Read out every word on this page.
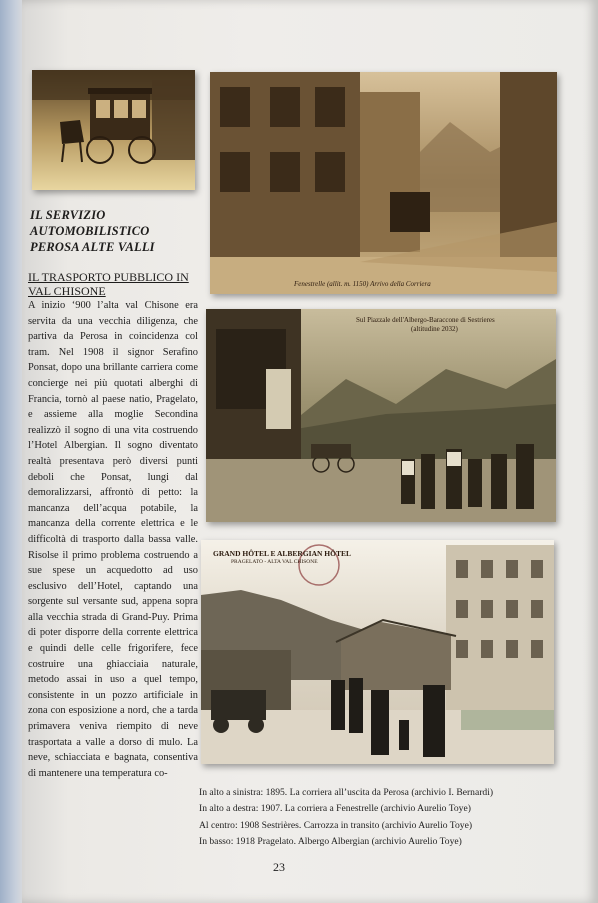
Fenestrelle (allit. m. 1150) Arrivo della Corriera
Sul Piazzale dell'Albergo-Baraccone di Sestrieres
(altitudine 2032)
GRAND HÔTEL E ALBERGIAN HÔTEL
PRAGELATO - ALTA VAL CHISONE
IL SERVIZIO AUTOMOBILISTICO PEROSA ALTE VALLI
IL TRASPORTO PUBBLICO IN VAL CHISONE
A inizio ‘900 l’alta val Chisone era servita da una vecchia diligenza, che partiva da Perosa in coincidenza col tram. Nel 1908 il signor Serafino Ponsat, dopo una brillante carriera come concierge nei più quotati alberghi di Francia, tornò al paese natio, Pragelato, e assieme alla moglie Secondina realizzò il sogno di una vita costruendo l’Hotel Albergian. Il sogno diventato realtà presentava però diversi punti deboli che Ponsat, lungi dal demoralizzarsi, affrontò di petto: la mancanza dell’acqua potabile, la mancanza della corrente elettrica e le difficoltà di trasporto dalla bassa valle. Risolse il primo problema costruendo a sue spese un acquedotto ad uso esclusivo dell’Hotel, captando una sorgente sul versante sud, appena sopra alla vecchia strada di Grand-Puy. Prima di poter disporre della corrente elettrica e quindi delle celle frigorifere, fece costruire una ghiacciaia naturale, metodo assai in uso a quel tempo, consistente in un pozzo artificiale in zona con esposizione a nord, che a tarda primavera veniva riempito di neve trasportata a valle a dorso di mulo. La neve, schiacciata e bagnata, consentiva di mantenere una temperatura co-
In alto a sinistra: 1895. La corriera all’uscita da Perosa (archivio I. Bernardi)
In alto a destra: 1907. La corriera a Fenestrelle (archivio Aurelio Toye)
Al centro: 1908 Sestrières. Carrozza in transito (archivio Aurelio Toye)
In basso: 1918 Pragelato. Albergo Albergian (archivio Aurelio Toye)
23
